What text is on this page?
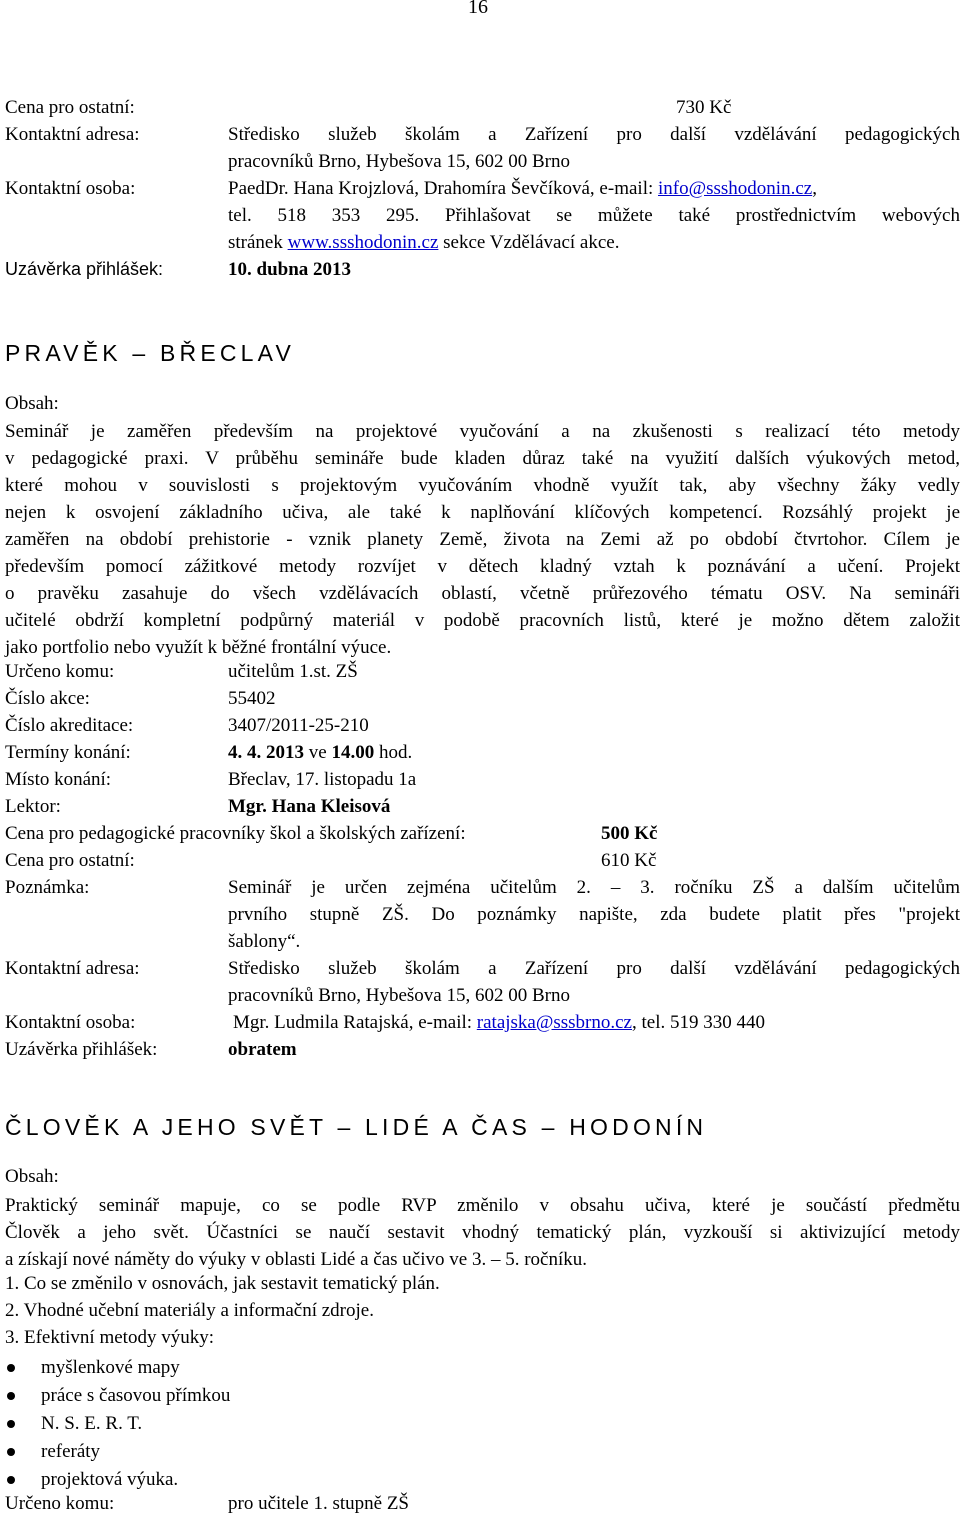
16
Cena pro ostatní:	730 Kč
Kontaktní adresa:	Středisko služeb školám a Zařízení pro další vzdělávání pedagogických
pracovníků Brno, Hybešova 15, 602 00 Brno
Kontaktní osoba:	PaedDr. Hana Krojzlová, Drahomíra Ševčíková, e-mail: info@ssshodonin.cz,
tel. 518 353 295. Přihlašovat se můžete také prostřednictvím webových
stránek www.ssshodonin.cz sekce Vzdělávací akce.
Uzávěrka přihlášek:	10. dubna 2013
PRAVĚK – BŘECLAV
Obsah:
Seminář je zaměřen především na projektové vyučování a na zkušenosti s realizací této metody
v pedagogické praxi. V průběhu semináře bude kladen důraz také na využití dalších výukových metod,
které mohou v souvislosti s projektovým vyučováním vhodně využít tak, aby všechny žáky vedly
nejen k osvojení základního učiva, ale také k naplňování klíčových kompetencí. Rozsáhlý projekt je
zaměřen na období prehistorie - vznik planety Země, života na Zemi až po období čtvrtohor. Cílem je
především pomocí zážitkové metody rozvíjet v dětech kladný vztah k poznávání a učení. Projekt
o pravěku zasahuje do všech vzdělávacích oblastí, včetně průřezového tématu OSV. Na semináři
učitelé obdrží kompletní podpůrný materiál v podobě pracovních listů, které je možno dětem založit
jako portfolio nebo využít k běžné frontální výuce.
Určeno komu:	učitelům 1.st. ZŠ
Číslo akce:	55402
Číslo akreditace:	3407/2011-25-210
Termíny konání:	4. 4. 2013 ve 14.00 hod.
Místo konání:	Břeclav, 17. listopadu 1a
Lektor:	Mgr. Hana Kleisová
Cena pro pedagogické pracovníky škol a školských zařízení:	500 Kč
Cena pro ostatní:	610 Kč
Poznámka:	Seminář je určen zejména učitelům 2. – 3. ročníku ZŠ a dalším učitelům
prvního stupně ZŠ. Do poznámky napište, zda budete platit přes "projekt
šablony“.
Kontaktní adresa:	Středisko služeb školám a Zařízení pro další vzdělávání pedagogických
pracovníků Brno, Hybešova 15, 602 00 Brno
Kontaktní osoba:	Mgr. Ludmila Ratajská, e-mail: ratajska@sssbrno.cz, tel. 519 330 440
Uzávěrka přihlášek:	obratem
ČLOVĚK A JEHO SVĚT – LIDÉ A ČAS – HODONÍN
Obsah:
Praktický seminář mapuje, co se podle RVP změnilo v obsahu učiva, které je součástí předmětu
Člověk a jeho svět. Účastníci se naučí sestavit vhodný tematický plán, vyzkouší si aktivizující metody
a získají nové náměty do výuky v oblasti Lidé a čas učivo ve 3. – 5. ročníku.
1. Co se změnilo v osnovách, jak sestavit tematický plán.
2. Vhodné učební materiály a informační zdroje.
3. Efektivní metody výuky:
myšlenkové mapy
práce s časovou přímkou
N. S. E. R. T.
referáty
projektová výuka.
Určeno komu:	pro učitele 1. stupně ZŠ
